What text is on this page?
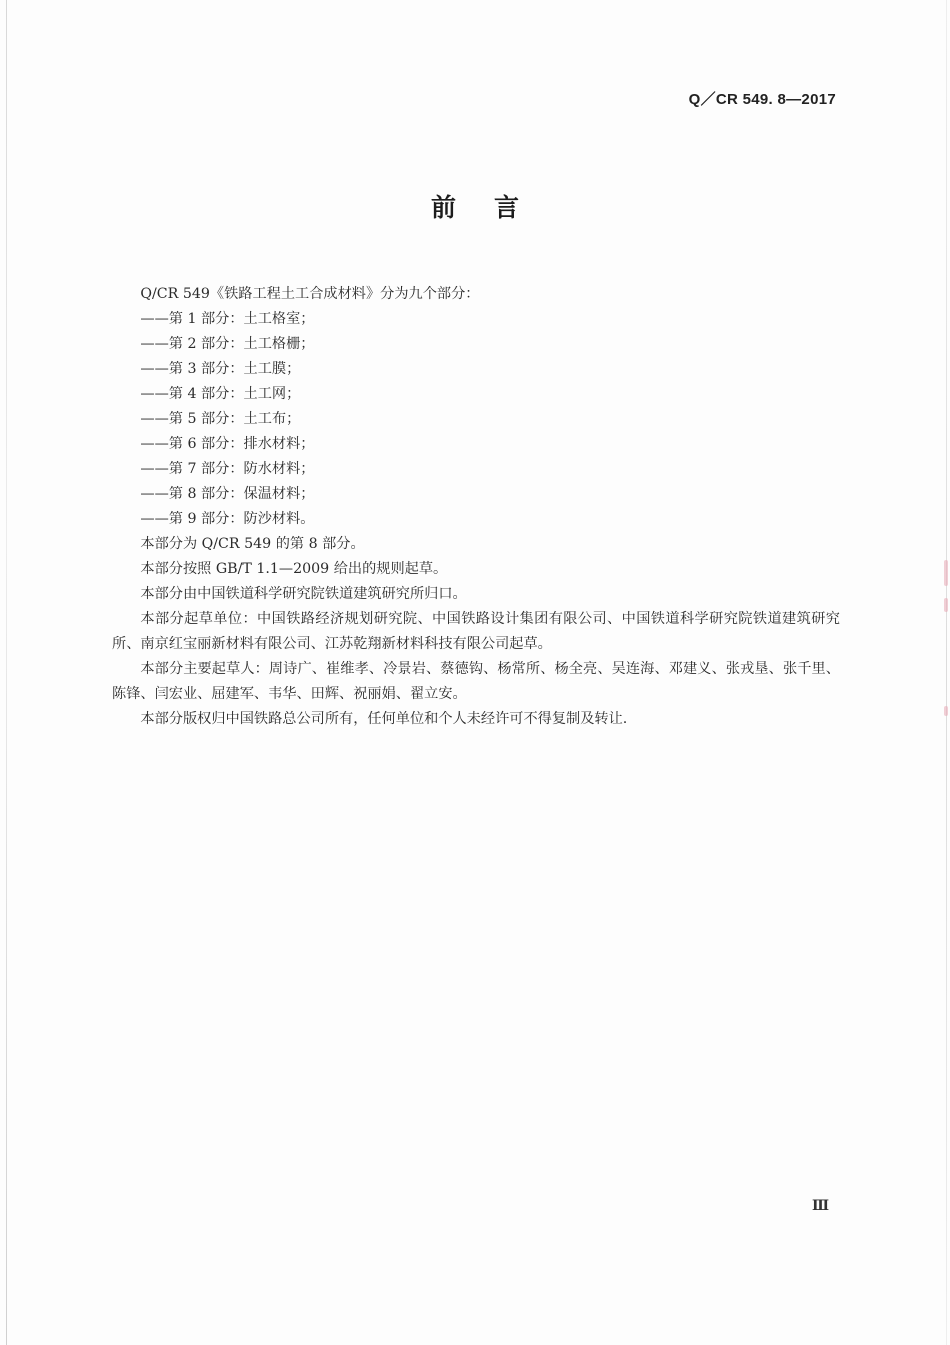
Q／CR 549. 8—2017
前言

Q/CR 549《铁路工程土工合成材料》分为九个部分：

——第 1 部分：土工格室；

——第 2 部分：土工格栅；

——第 3 部分：土工膜；

——第 4 部分：土工网；

——第 5 部分：土工布；

——第 6 部分：排水材料；

——第 7 部分：防水材料；

——第 8 部分：保温材料；

——第 9 部分：防沙材料。

本部分为 Q/CR 549 的第 8 部分。

本部分按照 GB/T 1.1—2009 给出的规则起草。

本部分由中国铁道科学研究院铁道建筑研究所归口。

本部分起草单位：中国铁路经济规划研究院、中国铁路设计集团有限公司、中国铁道科学研究院铁道建筑研究所、南京红宝丽新材料有限公司、江苏乾翔新材料科技有限公司起草。

本部分主要起草人：周诗广、崔维孝、冷景岩、蔡德钩、杨常所、杨全亮、吴连海、邓建义、张戎垦、张千里、陈锋、闫宏业、屈建军、韦华、田辉、祝丽娟、翟立安。

本部分版权归中国铁路总公司所有，任何单位和个人未经许可不得复制及转让.

Ⅲ
